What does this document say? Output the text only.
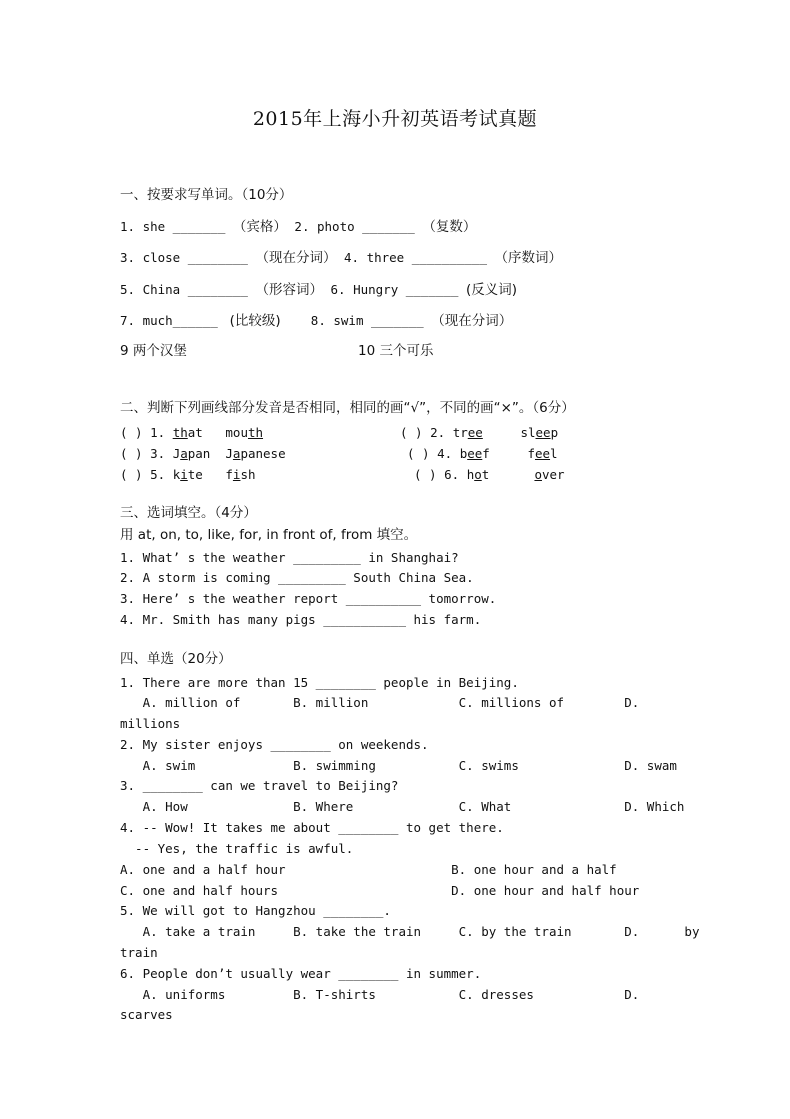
2015年上海小升初英语考试真题
一、按要求写单词。（10分）
1. she _______ （宾格） 2. photo _______ （复数）
3. close ________ （现在分词） 4. three __________ （序数词）
5. China ________ （形容词） 6. Hungry _______ (反义词)
7. much______  (比较级)    8. swim _______ （现在分词）
9 两个汉堡	10 三个可乐
二、判断下列画线部分发音是否相同，相同的画“√”，不同的画“×”。（6分）
( ) 1. that mouth	( ) 2. tree	sleep
( ) 3. Japan Japanese	( ) 4. beef	feel
( ) 5. kite fish	( ) 6. hot	over
三、选词填空。（4分）
用 at, on, to, like, for, in front of, from 填空。
1. What’ s the weather _________ in Shanghai?
2. A storm is coming _________ South China Sea.
3. Here’ s the weather report __________ tomorrow.
4. Mr. Smith has many pigs ___________ his farm.
四、单选（20分）
1. There are more than 15 ________ people in Beijing.
A. million of       B. million            C. millions of        D.
millions
2. My sister enjoys ________ on weekends.
A. swim             B. swimming           C. swims              D. swam
3. ________ can we travel to Beijing?
A. How              B. Where              C. What               D. Which
4. -- Wow! It takes me about ________ to get there.
-- Yes, the traffic is awful.
A. one and a half hour                      B. one hour and a half
C. one and half hours                       D. one hour and half hour
5. We will got to Hangzhou ________.
A. take a train     B. take the train     C. by the train       D.      by
train
6. People don’t usually wear ________ in summer.
A. uniforms         B. T-shirts           C. dresses            D.
scarves
